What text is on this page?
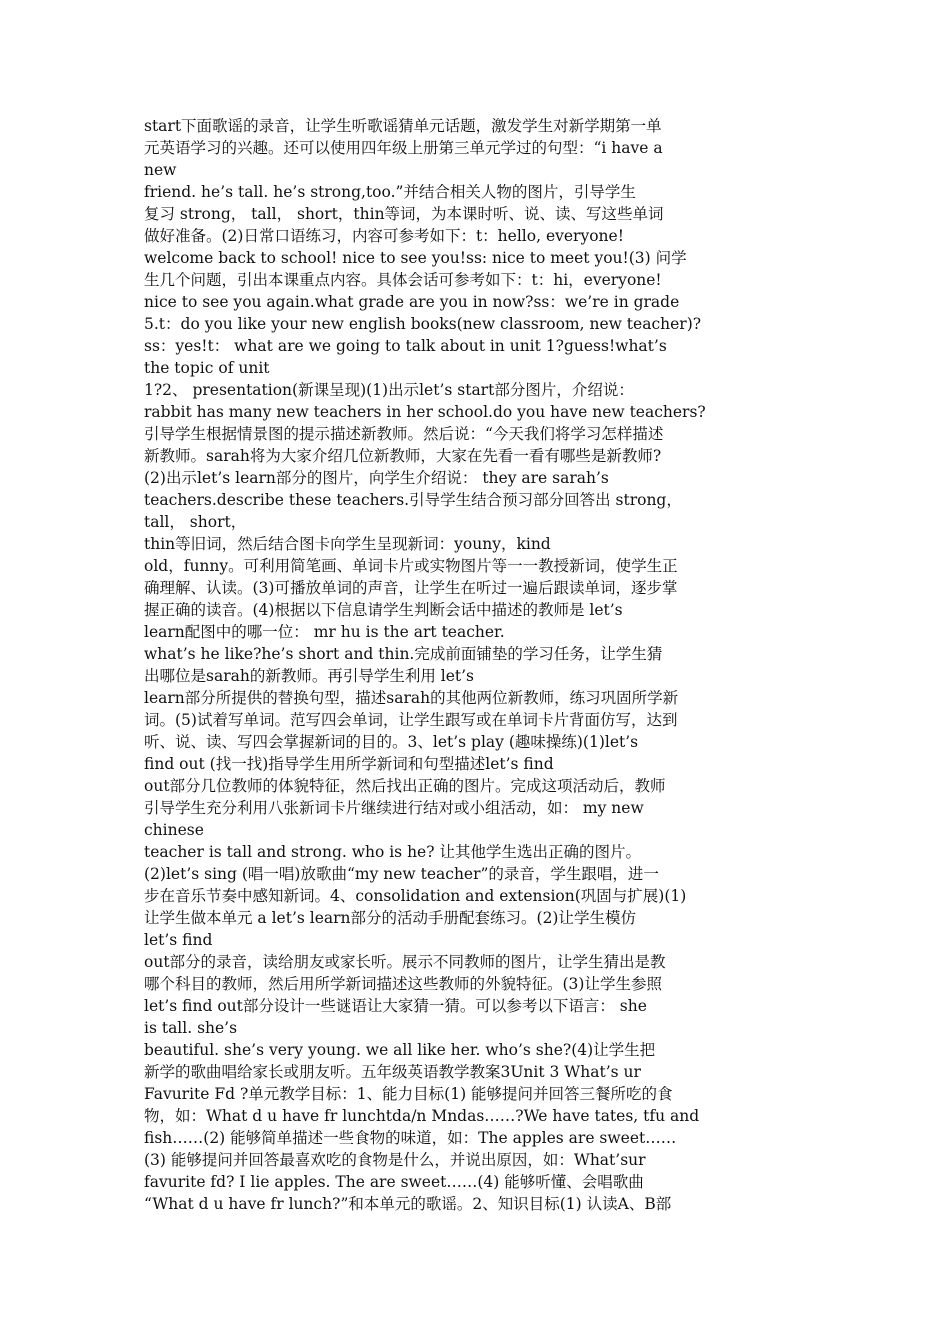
start下面歌谣的录音，让学生听歌谣猜单元话题，激发学生对新学期第一单
元英语学习的兴趣。还可以使用四年级上册第三单元学过的句型：“i have a
new
friend. he’s tall. he’s strong,too.”并结合相关人物的图片，引导学生
复习 strong， tall， short，thin等词，为本课时听、说、读、写这些单词
做好准备。(2)日常口语练习，内容可参考如下：t：hello, everyone!
welcome back to school! nice to see you!ss: nice to meet you!(3) 问学
生几个问题，引出本课重点内容。具体会话可参考如下：t：hi，everyone!
nice to see you again.what grade are you in now?ss：we’re in grade
5.t：do you like your new english books(new classroom, new teacher)?
ss：yes!t： what are we going to talk about in unit 1?guess!what’s
the topic of unit
1?2、 presentation(新课呈现)(1)出示let’s start部分图片，介绍说：
rabbit has many new teachers in her school.do you have new teachers?
引导学生根据情景图的提示描述新教师。然后说：“今天我们将学习怎样描述
新教师。sarah将为大家介绍几位新教师，大家在先看一看有哪些是新教师?
(2)出示let’s learn部分的图片，向学生介绍说： they are sarah’s
teachers.describe these teachers.引导学生结合预习部分回答出 strong，
tall， short，
thin等旧词，然后结合图卡向学生呈现新词：youny，kind
old，funny。可利用简笔画、单词卡片或实物图片等一一教授新词，使学生正
确理解、认读。(3)可播放单词的声音，让学生在听过一遍后跟读单词，逐步掌
握正确的读音。(4)根据以下信息请学生判断会话中描述的教师是 let’s
learn配图中的哪一位： mr hu is the art teacher.
what’s he like?he’s short and thin.完成前面铺垫的学习任务，让学生猜
出哪位是sarah的新教师。再引导学生利用 let’s
learn部分所提供的替换句型，描述sarah的其他两位新教师，练习巩固所学新
词。(5)试着写单词。范写四会单词，让学生跟写或在单词卡片背面仿写，达到
听、说、读、写四会掌握新词的目的。3、let’s play (趣味操练)(1)let’s
find out (找一找)指导学生用所学新词和句型描述let’s find
out部分几位教师的体貌特征，然后找出正确的图片。完成这项活动后，教师
引导学生充分利用八张新词卡片继续进行结对或小组活动，如： my new
chinese
teacher is tall and strong. who is he? 让其他学生选出正确的图片。
(2)let’s sing (唱一唱)放歌曲“my new teacher”的录音，学生跟唱，进一
步在音乐节奏中感知新词。4、consolidation and extension(巩固与扩展)(1)
让学生做本单元 a let’s learn部分的活动手册配套练习。(2)让学生模仿
let’s find
out部分的录音，读给朋友或家长听。展示不同教师的图片，让学生猜出是教
哪个科目的教师，然后用所学新词描述这些教师的外貌特征。(3)让学生参照
let’s find out部分设计一些谜语让大家猜一猜。可以参考以下语言： she
is tall. she’s
beautiful. she’s very young. we all like her. who’s she?(4)让学生把
新学的歌曲唱给家长或朋友听。五年级英语教学教案3Unit 3 What’s ur
Favurite Fd ?单元教学目标：1、能力目标(1) 能够提问并回答三餐所吃的食
物，如：What d u have fr lunchtda/n Mndas……?We have tates, tfu and
fish……(2) 能够简单描述一些食物的味道，如：The apples are sweet……
(3) 能够提问并回答最喜欢吃的食物是什么，并说出原因，如：What’sur
favurite fd? I lie apples. The are sweet……(4) 能够听懂、会唱歌曲
“What d u have fr lunch?”和本单元的歌谣。2、知识目标(1) 认读A、B部
